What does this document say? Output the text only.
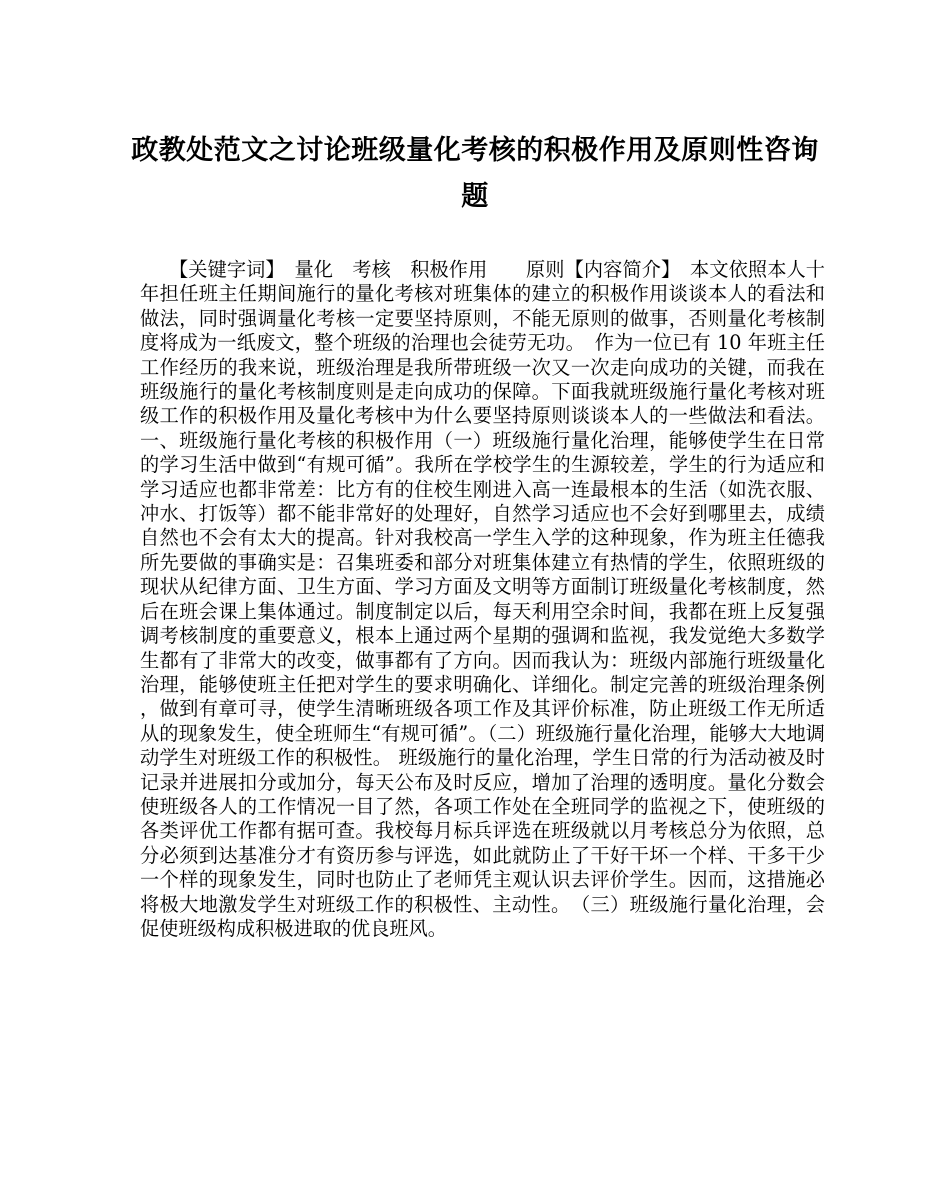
政教处范文之讨论班级量化考核的积极作用及原则性咨询题

　　【关键字词】　量化　考核　积极作用　　原则【内容简介】　本文依照本人十年担任班主任期间施行的量化考核对班集体的建立的积极作用谈谈本人的看法和做法，同时强调量化考核一定要坚持原则，不能无原则的做事，否则量化考核制度将成为一纸废文，整个班级的治理也会徒劳无功。　作为一位已有 10 年班主任工作经历的我来说，班级治理是我所带班级一次又一次走向成功的关键，而我在班级施行的量化考核制度则是走向成功的保障。下面我就班级施行量化考核对班级工作的积极作用及量化考核中为什么要坚持原则谈谈本人的一些做法和看法。一、班级施行量化考核的积极作用（一）班级施行量化治理，能够使学生在日常的学习生活中做到“有规可循”。我所在学校学生的生源较差，学生的行为适应和学习适应也都非常差：比方有的住校生刚进入高一连最根本的生活（如洗衣服、冲水、打饭等）都不能非常好的处理好，自然学习适应也不会好到哪里去，成绩自然也不会有太大的提高。针对我校高一学生入学的这种现象，作为班主任德我所先要做的事确实是：召集班委和部分对班集体建立有热情的学生，依照班级的现状从纪律方面、卫生方面、学习方面及文明等方面制订班级量化考核制度，然后在班会课上集体通过。制度制定以后，每天利用空余时间，我都在班上反复强调考核制度的重要意义，根本上通过两个星期的强调和监视，我发觉绝大多数学生都有了非常大的改变，做事都有了方向。因而我认为：班级内部施行班级量化治理，能够使班主任把对学生的要求明确化、详细化。制定完善的班级治理条例，做到有章可寻，使学生清晰班级各项工作及其评价标准，防止班级工作无所适从的现象发生，使全班师生“有规可循”。（二）班级施行量化治理，能够大大地调动学生对班级工作的积极性。 班级施行的量化治理，学生日常的行为活动被及时记录并进展扣分或加分，每天公布及时反应，增加了治理的透明度。量化分数会使班级各人的工作情况一目了然，各项工作处在全班同学的监视之下，使班级的各类评优工作都有据可查。我校每月标兵评选在班级就以月考核总分为依照，总分必须到达基准分才有资历参与评选，如此就防止了干好干坏一个样、干多干少一个样的现象发生，同时也防止了老师凭主观认识去评价学生。因而，这措施必将极大地激发学生对班级工作的积极性、主动性。　（三）班级施行量化治理，会促使班级构成积极进取的优良班风。
